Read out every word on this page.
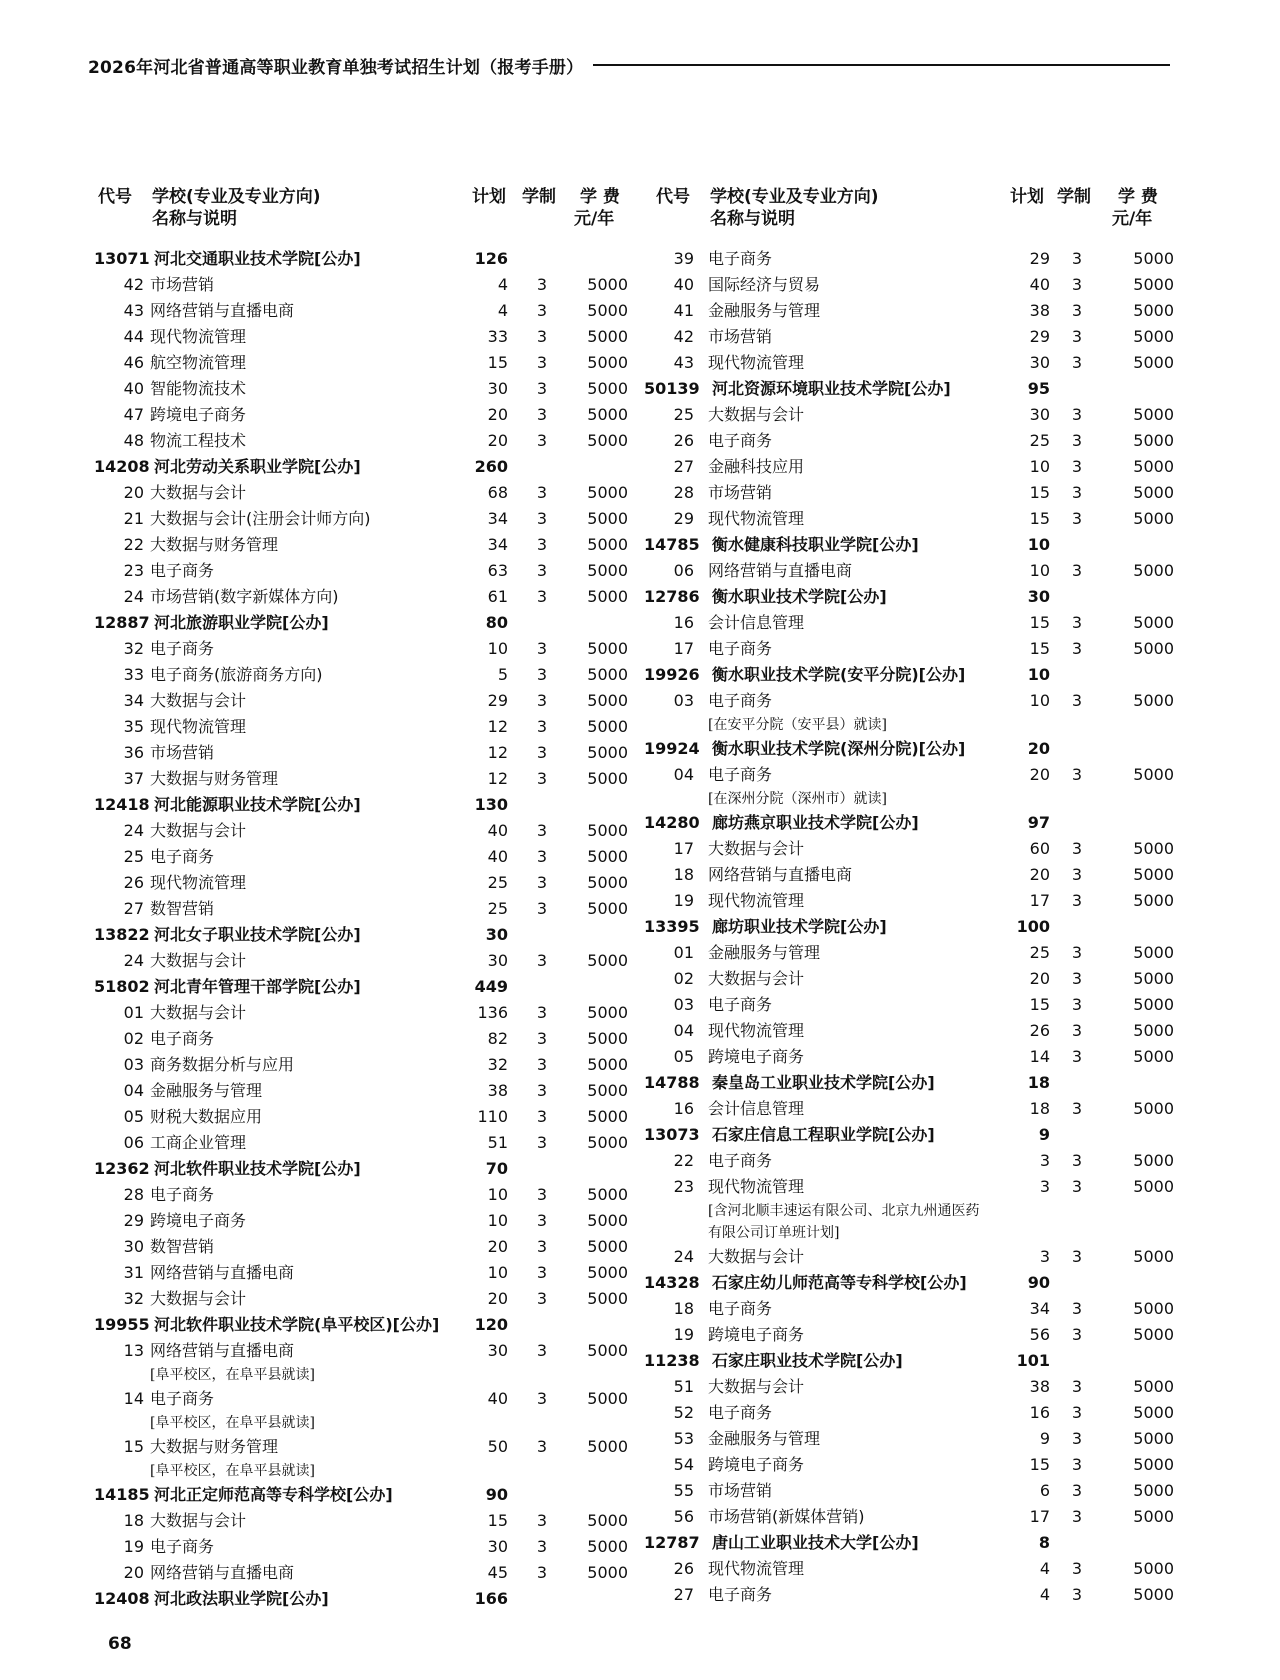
2026年河北省普通高等职业教育单独考试招生计划（报考手册）
代号 学校(专业及专业方向)
名称与说明
计划 学制 学 费
元/年
13071 河北交通职业技术学院[公办]	126
42 市场营销	4 3	5000
43 网络营销与直播电商	4 3	5000
44 现代物流管理	33 3	5000
46 航空物流管理	15 3	5000
40 智能物流技术	30 3	5000
47 跨境电子商务	20 3	5000
48 物流工程技术	20 3	5000
14208 河北劳动关系职业学院[公办]	260
20 大数据与会计	68 3	5000
21 大数据与会计(注册会计师方向)	34 3	5000
22 大数据与财务管理	34 3	5000
23 电子商务	63 3	5000
24 市场营销(数字新媒体方向)	61 3	5000
12887 河北旅游职业学院[公办]	80
32 电子商务	10 3	5000
33 电子商务(旅游商务方向)	5 3	5000
34 大数据与会计	29 3	5000
35 现代物流管理	12 3	5000
36 市场营销	12 3	5000
37 大数据与财务管理	12 3	5000
12418 河北能源职业技术学院[公办]	130
24 大数据与会计	40 3	5000
25 电子商务	40 3	5000
26 现代物流管理	25 3	5000
27 数智营销	25 3	5000
13822 河北女子职业技术学院[公办]	30
24 大数据与会计	30 3	5000
51802 河北青年管理干部学院[公办]	449
01 大数据与会计	136 3	5000
02 电子商务	82 3	5000
03 商务数据分析与应用	32 3	5000
04 金融服务与管理	38 3	5000
05 财税大数据应用	110 3	5000
06 工商企业管理	51 3	5000
12362 河北软件职业技术学院[公办]	70
28 电子商务	10 3	5000
29 跨境电子商务	10 3	5000
30 数智营销	20 3	5000
31 网络营销与直播电商	10 3	5000
32 大数据与会计	20 3	5000
19955 河北软件职业技术学院(阜平校区)[公办]	120
13 网络营销与直播电商	30 3	5000
[阜平校区，在阜平县就读]
14 电子商务	40 3	5000
[阜平校区，在阜平县就读]
15 大数据与财务管理	50 3	5000
[阜平校区，在阜平县就读]
14185 河北正定师范高等专科学校[公办]	90
18 大数据与会计	15 3	5000
19 电子商务	30 3	5000
20 网络营销与直播电商	45 3	5000
12408 河北政法职业学院[公办]	166
代号 学校(专业及专业方向)
名称与说明
计划 学制 学 费
元/年
39 电子商务	29 3	5000
40 国际经济与贸易	40 3	5000
41 金融服务与管理	38 3	5000
42 市场营销	29 3	5000
43 现代物流管理	30 3	5000
50139 河北资源环境职业技术学院[公办]	95
25 大数据与会计	30 3	5000
26 电子商务	25 3	5000
27 金融科技应用	10 3	5000
28 市场营销	15 3	5000
29 现代物流管理	15 3	5000
14785 衡水健康科技职业学院[公办]	10
06 网络营销与直播电商	10 3	5000
12786 衡水职业技术学院[公办]	30
16 会计信息管理	15 3	5000
17 电子商务	15 3	5000
19926 衡水职业技术学院(安平分院)[公办]	10
03 电子商务	10 3	5000
[在安平分院（安平县）就读]
19924 衡水职业技术学院(深州分院)[公办]	20
04 电子商务	20 3	5000
[在深州分院（深州市）就读]
14280 廊坊燕京职业技术学院[公办]	97
17 大数据与会计	60 3	5000
18 网络营销与直播电商	20 3	5000
19 现代物流管理	17 3	5000
13395 廊坊职业技术学院[公办]	100
01 金融服务与管理	25 3	5000
02 大数据与会计	20 3	5000
03 电子商务	15 3	5000
04 现代物流管理	26 3	5000
05 跨境电子商务	14 3	5000
14788 秦皇岛工业职业技术学院[公办]	18
16 会计信息管理	18 3	5000
13073 石家庄信息工程职业学院[公办]	9
22 电子商务	3 3	5000
23 现代物流管理	3 3	5000
[含河北顺丰速运有限公司、北京九州通医药
有限公司订单班计划]
24 大数据与会计	3 3	5000
14328 石家庄幼儿师范高等专科学校[公办]	90
18 电子商务	34 3	5000
19 跨境电子商务	56 3	5000
11238 石家庄职业技术学院[公办]	101
51 大数据与会计	38 3	5000
52 电子商务	16 3	5000
53 金融服务与管理	9 3	5000
54 跨境电子商务	15 3	5000
55 市场营销	6 3	5000
56 市场营销(新媒体营销)	17 3	5000
12787 唐山工业职业技术大学[公办]	8
26 现代物流管理	4 3	5000
27 电子商务	4 3	5000
68
